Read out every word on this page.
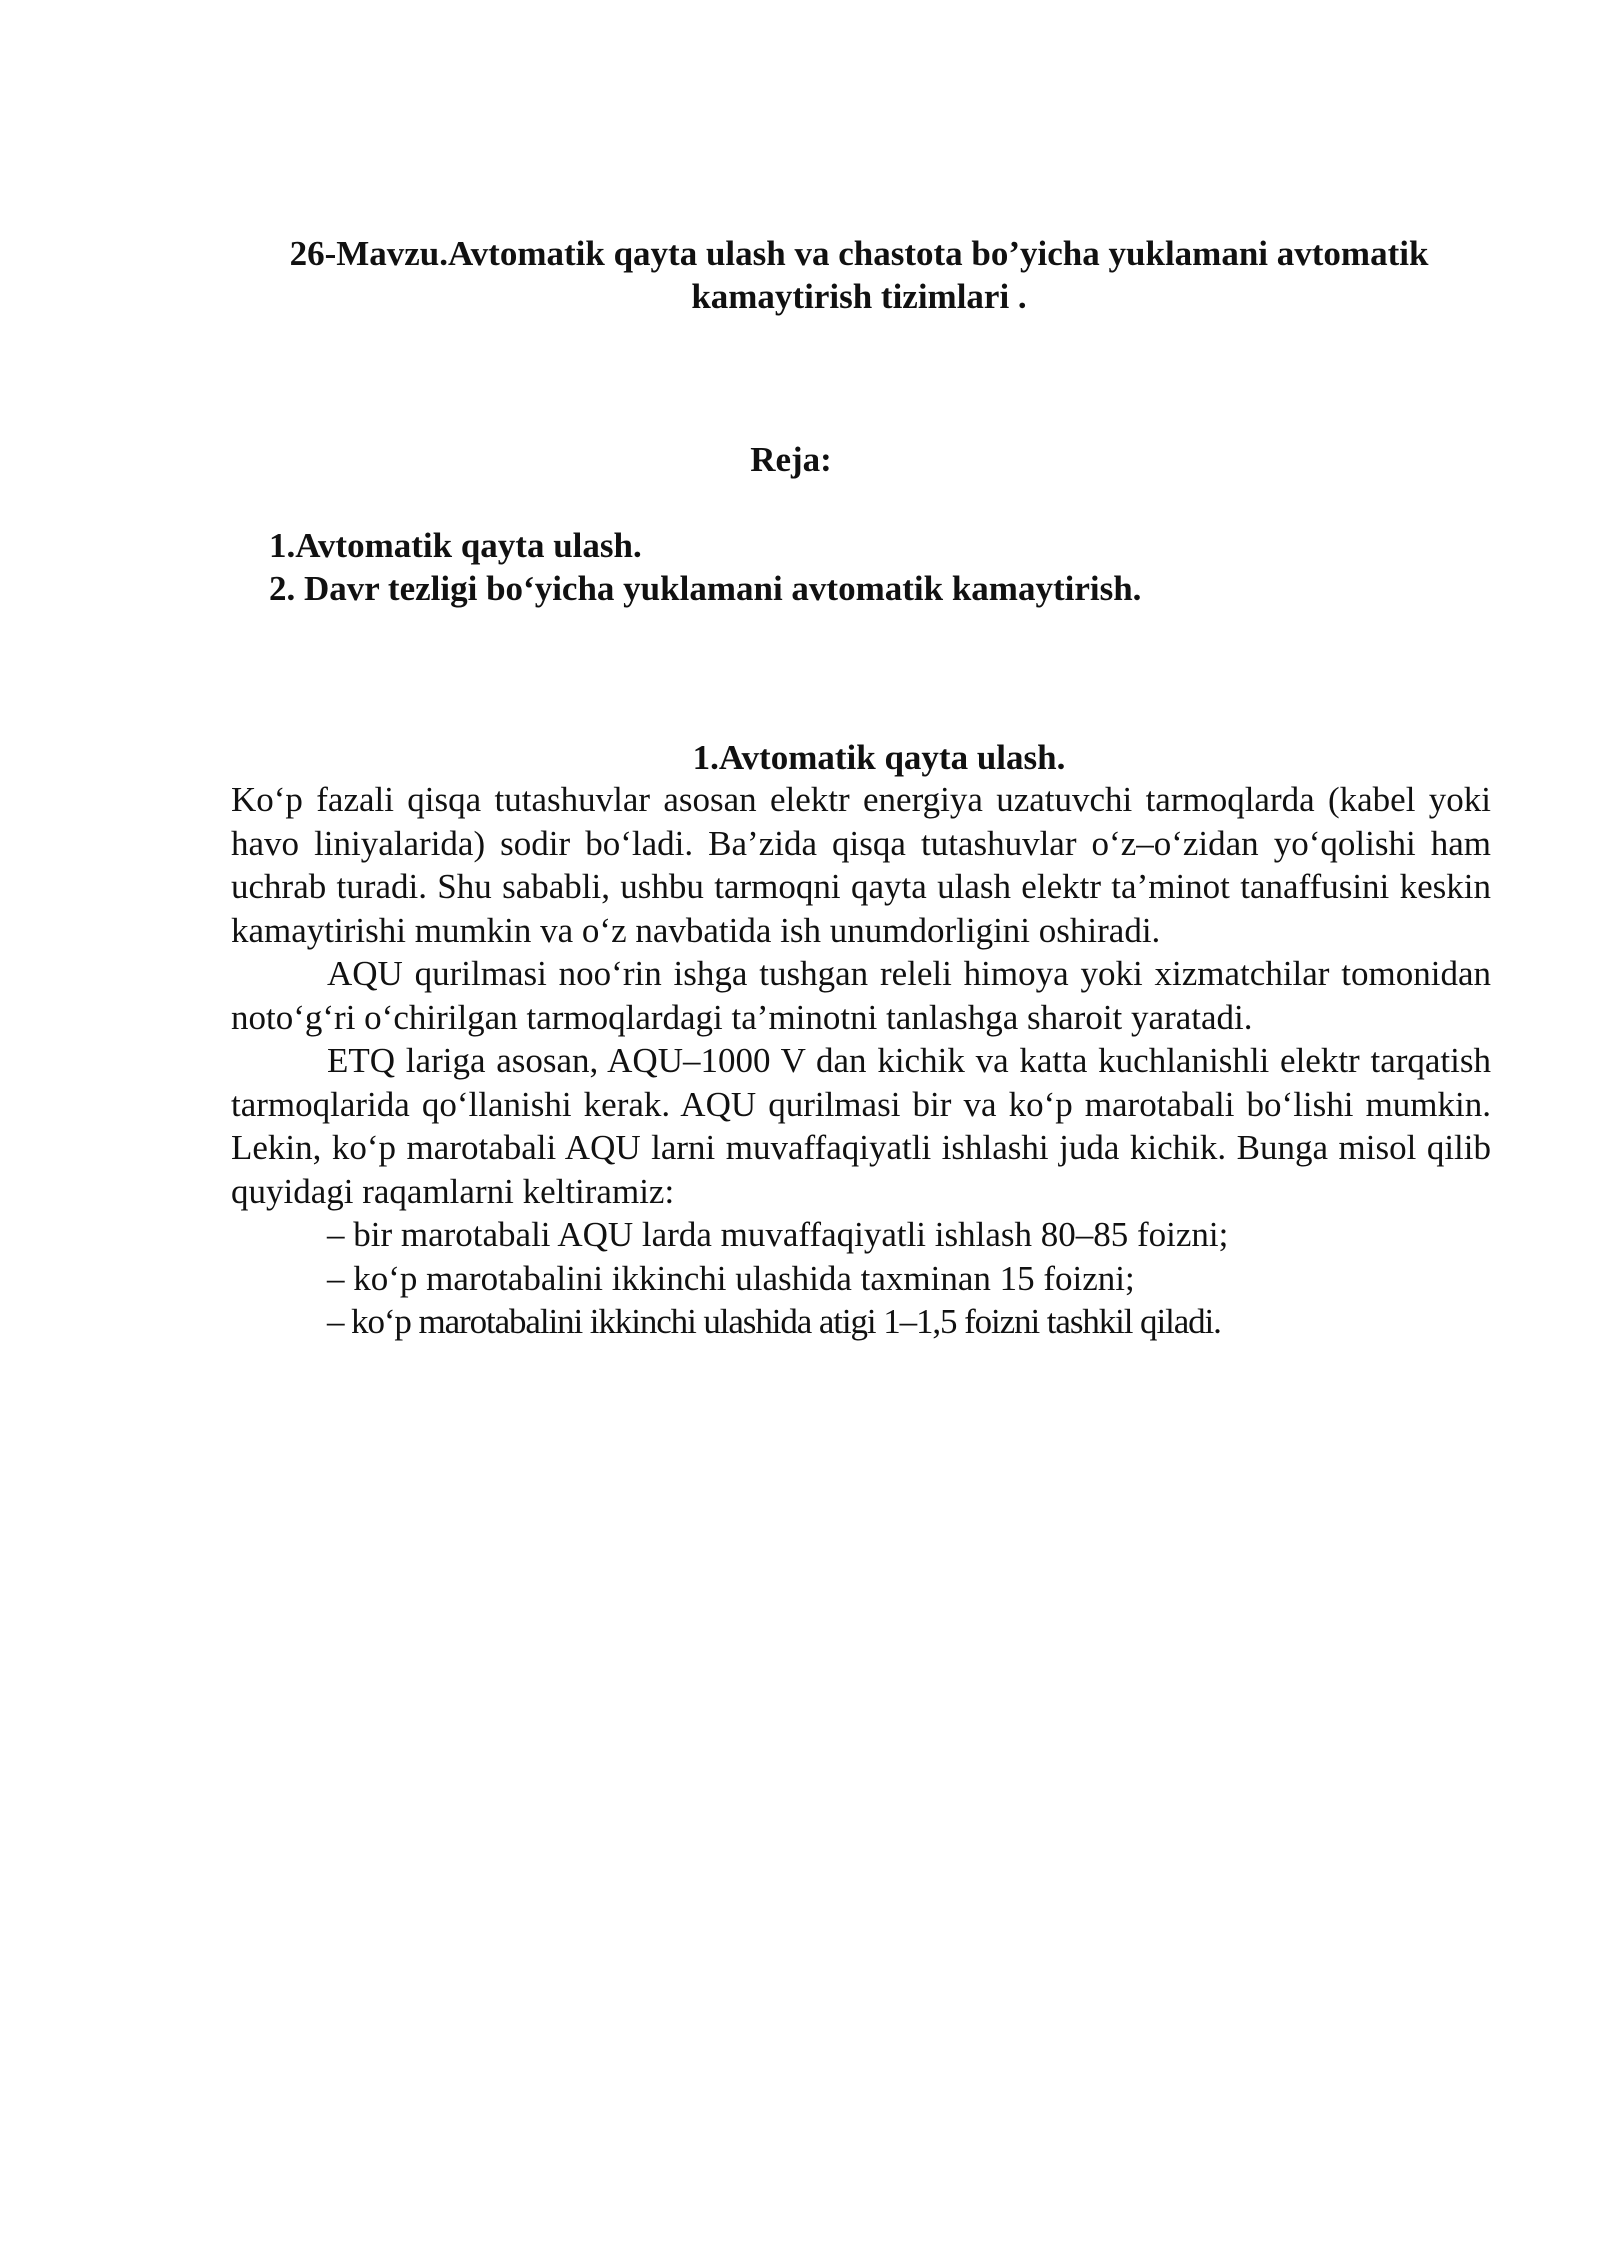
26-Mavzu.Avtomatik qayta ulash va chastota bo’yicha yuklamani avtomatik kamaytirish tizimlari .
Reja:
1.Avtomatik qayta ulash.
2. Davr tezligi bo‘yicha yuklamani avtomatik kamaytirish.
1.Avtomatik qayta ulash.

Ko‘p fazali qisqa tutashuvlar asosan elektr energiya uzatuvchi tarmoqlarda (kabel yoki havo liniyalarida) sodir bo‘ladi. Ba’zida qisqa tutashuvlar o‘z–o‘zidan yo‘qolishi ham uchrab turadi. Shu sababli, ushbu tarmoqni qayta ulash elektr ta’minot tanaffusini keskin kamaytirishi mumkin va o‘z navbatida ish unumdorligini oshiradi.

AQU qurilmasi noo‘rin ishga tushgan releli himoya yoki xizmatchilar tomonidan noto‘g‘ri o‘chirilgan tarmoqlardagi ta’minotni tanlashga sharoit yaratadi.

ETQ lariga asosan, AQU–1000 V dan kichik va katta kuchlanishli elektr tarqatish tarmoqlarida qo‘llanishi kerak. AQU qurilmasi bir va ko‘p marotabali bo‘lishi mumkin. Lekin, ko‘p marotabali AQU larni muvaffaqiyatli ishlashi juda kichik. Bunga misol qilib quyidagi raqamlarni keltiramiz:

– bir marotabali AQU larda muvaffaqiyatli ishlash 80–85 foizni;
– ko‘p marotabalini ikkinchi ulashida taxminan 15 foizni;
– ko‘p marotabalini ikkinchi ulashida atigi 1–1,5 foizni tashkil qiladi.
